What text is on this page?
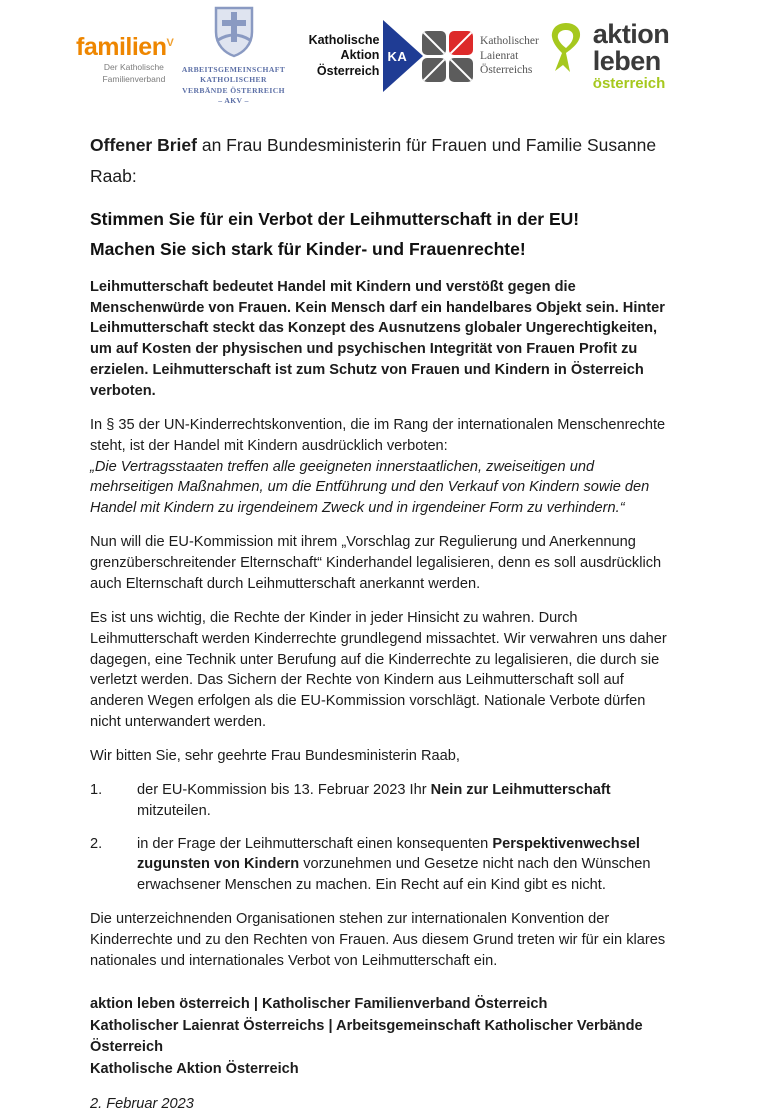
familien$^V$
Der Katholische
Familienverband
ARBEITSGEMEINSCHAFT
KATHOLISCHER
VERBÄNDE ÖSTERREICH
– AKV –
Katholische Aktion
Österreich
KA
Katholischer
Laienrat
Österreichs
aktion leben
österreich

Offener Brief an Frau Bundesministerin für Frauen und Familie Susanne Raab:

Stimmen Sie für ein Verbot der Leihmutterschaft in der EU!
Machen Sie sich stark für Kinder- und Frauenrechte!

Leihmutterschaft bedeutet Handel mit Kindern und verstößt gegen die Menschenwürde von Frauen. Kein Mensch darf ein handelbares Objekt sein. Hinter Leihmutterschaft steckt das Konzept des Ausnutzens globaler Ungerechtigkeiten, um auf Kosten der physischen und psychischen Integrität von Frauen Profit zu erzielen. Leihmutterschaft ist zum Schutz von Frauen und Kindern in Österreich verboten.

In § 35 der UN-Kinderrechtskonvention, die im Rang der internationalen Menschenrechte steht, ist der Handel mit Kindern ausdrücklich verboten:
„Die Vertragsstaaten treffen alle geeigneten innerstaatlichen, zweiseitigen und mehrseitigen Maßnahmen, um die Entführung und den Verkauf von Kindern sowie den Handel mit Kindern zu irgendeinem Zweck und in irgendeiner Form zu verhindern.“

Nun will die EU-Kommission mit ihrem „Vorschlag zur Regulierung und Anerkennung grenzüberschreitender Elternschaft“ Kinderhandel legalisieren, denn es soll ausdrücklich auch Elternschaft durch Leihmutterschaft anerkannt werden.

Es ist uns wichtig, die Rechte der Kinder in jeder Hinsicht zu wahren. Durch Leihmutterschaft werden Kinderrechte grundlegend missachtet. Wir verwahren uns daher dagegen, eine Technik unter Berufung auf die Kinderrechte zu legalisieren, die durch sie verletzt werden. Das Sichern der Rechte von Kindern aus Leihmutterschaft soll auf anderen Wegen erfolgen als die EU-Kommission vorschlägt. Nationale Verbote dürfen nicht unterwandert werden.

Wir bitten Sie, sehr geehrte Frau Bundesministerin Raab,

1.	der EU-Kommission bis 13. Februar 2023 Ihr Nein zur Leihmutterschaft mitzuteilen.
2.	in der Frage der Leihmutterschaft einen konsequenten Perspektivenwechsel zugunsten von Kindern vorzunehmen und Gesetze nicht nach den Wünschen erwachsener Menschen zu machen. Ein Recht auf ein Kind gibt es nicht.

Die unterzeichnenden Organisationen stehen zur internationalen Konvention der Kinderrechte und zu den Rechten von Frauen. Aus diesem Grund treten wir für ein klares nationales und internationales Verbot von Leihmutterschaft ein.

aktion leben österreich | Katholischer Familienverband Österreich
Katholischer Laienrat Österreichs | Arbeitsgemeinschaft Katholischer Verbände Österreich
Katholische Aktion Österreich
2. Februar 2023
